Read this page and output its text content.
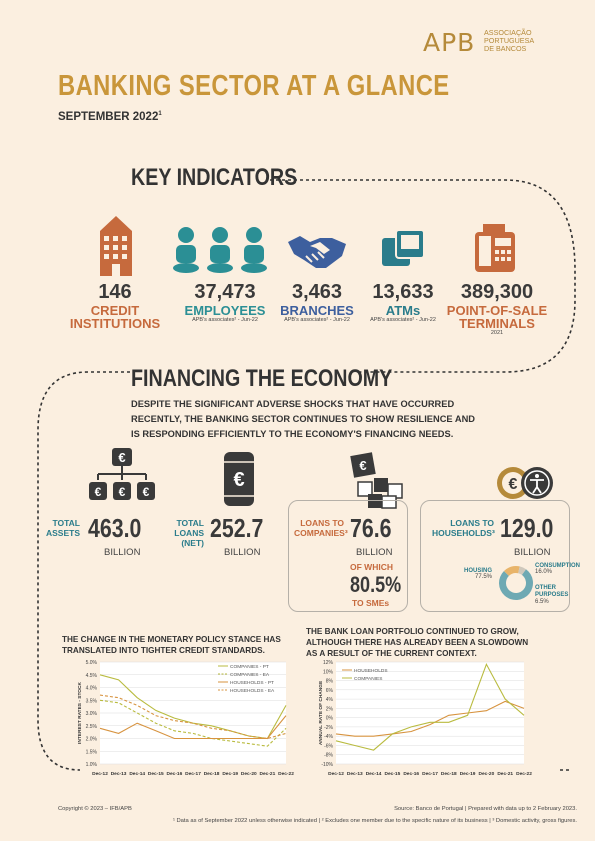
APB ASSOCIAÇÃO
PORTUGUESA
DE BANCOS
BANKING SECTOR AT A GLANCE
SEPTEMBER 2022$^1$
KEY INDICATORS
146
CREDIT
INSTITUTIONS
37,473
EMPLOYEES
APB's associates² - Jun-22
3,463
BRANCHES
APB's associates² - Jun-22
13,633
ATMs
APB's associates² - Jun-22
389,300
POINT-OF-SALE
TERMINALS
2021
FINANCING THE ECONOMY
DESPITE THE SIGNIFICANT ADVERSE SHOCKS THAT HAVE OCCURRED RECENTLY, THE BANKING SECTOR CONTINUES TO SHOW RESILIENCE AND IS RESPONDING EFFICIENTLY TO THE ECONOMY'S FINANCING NEEDS.
€
€ € €
€
€
€
TOTAL
ASSETS 463.0
BILLION
TOTAL
LOANS
(NET) 252.7
BILLION
LOANS TO
COMPANIES³ 76.6
BILLION
OF WHICH
80.5%
TO SMEs
LOANS TO
HOUSEHOLDS³ 129.0
BILLION
HOUSING
77.5%
CONSUMPTION
16.0%
OTHER
PURPOSES
6.5%
THE CHANGE IN THE MONETARY POLICY STANCE HAS TRANSLATED INTO TIGHTER CREDIT STANDARDS.
THE BANK LOAN PORTFOLIO CONTINUED TO GROW, ALTHOUGH THERE HAS ALREADY BEEN A SLOWDOWN AS A RESULT OF THE CURRENT CONTEXT.
1.0%
1.5%
2.0%
2.5%
3.0%
3.5%
4.0%
4.5%
5.0%
Dec-12 Dec-13 Dec-14 Dec-15 Dec-16 Dec-17 Dec-18 Dec-19 Dec-20 Dec-21 Dec-22
INTEREST RATES - STOCK
COMPANIES - PT
COMPANIES - EA
HOUSEHOLDS - PT
HOUSEHOLDS - EA
-10%
-8%
-6%
-4%
-2%
0%
2%
4%
6%
8%
10%
12%
Dec-12 Dec-13 Dec-14 Dec-15 Dec-16 Dec-17 Dec-18 Dec-19 Dec-20 Dec-21 Dec-22
ANNUAL RATE OF CHANGE
HOUSEHOLDS
COMPANIES
Copyright © 2023 – IFB/APB	Source: Banco de Portugal | Prepared with data up to 2 February 2023.
¹ Data as of September 2022 unless otherwise indicated | ² Excludes one member due to the specific nature of its business | ³ Domestic activity, gross figures.
